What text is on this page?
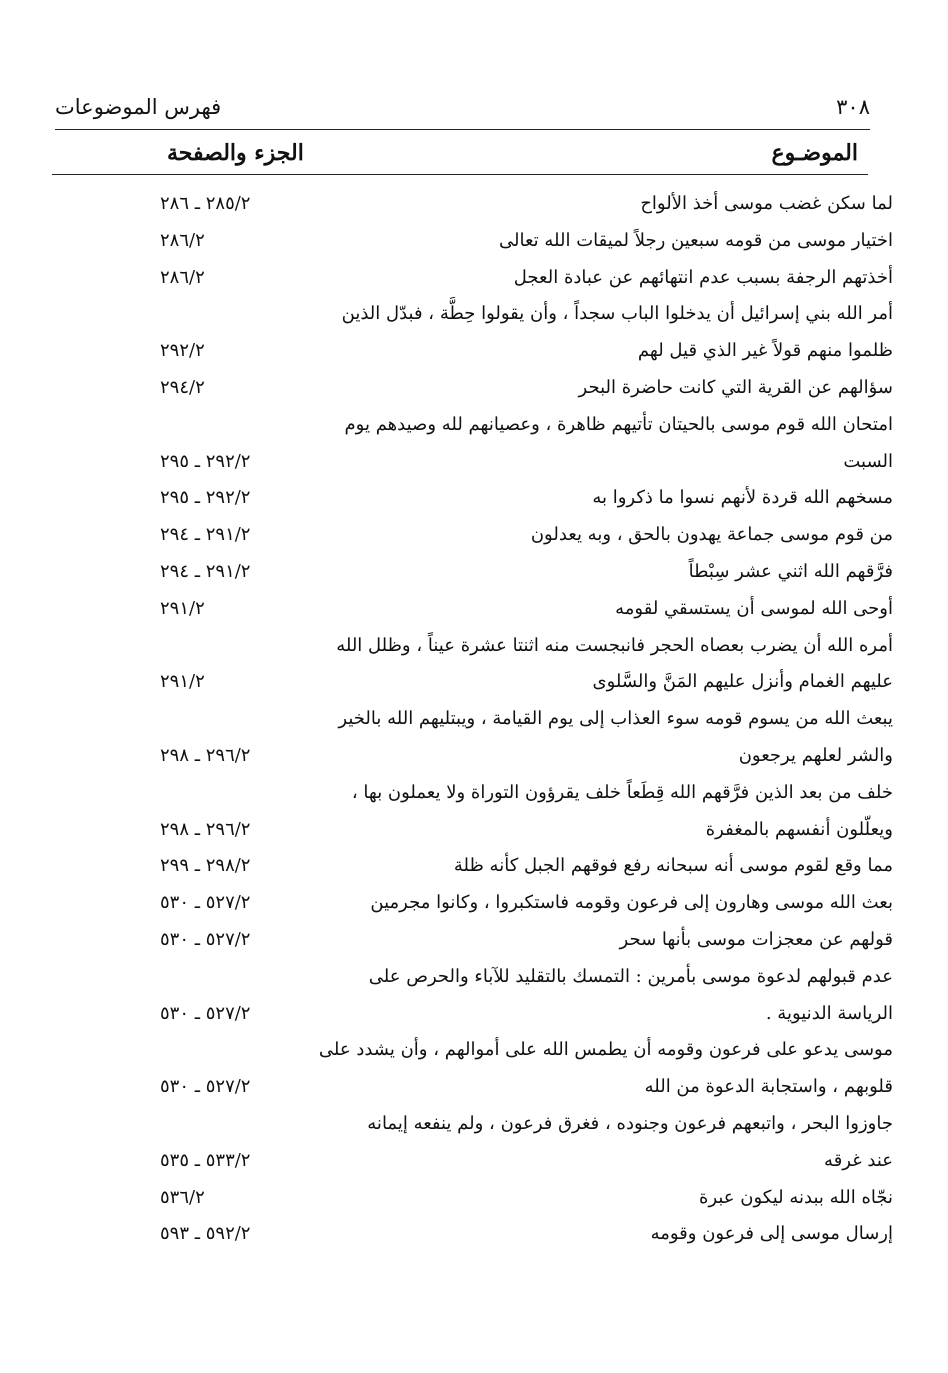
٣٠٨
فهرس الموضوعات
الموضـوع
الجزء والصفحة
لما سكن غضب موسى أخذ الألواح
٢٨٥/٢ ـ ٢٨٦
اختيار موسى من قومه سبعين رجلاً لميقات الله تعالى
٢٨٦/٢
أخذتهم الرجفة بسبب عدم انتهائهم عن عبادة العجل
٢٨٦/٢
أمر الله بني إسرائيل أن يدخلوا الباب سجداً ، وأن يقولوا حِطَّة ، فبدّل الذين
ظلموا منهم قولاً غير الذي قيل لهم
٢٩٢/٢
سؤالهم عن القرية التي كانت حاضرة البحر
٢٩٤/٢
امتحان الله قوم موسى بالحيتان تأتيهم ظاهرة ، وعصيانهم لله وصيدهم يوم
السبت
٢٩٢/٢ ـ ٢٩٥
مسخهم الله قردة لأنهم نسوا ما ذكروا به
٢٩٢/٢ ـ ٢٩٥
من قوم موسى جماعة يهدون بالحق ، وبه يعدلون
٢٩١/٢ ـ ٢٩٤
فرَّقهم الله اثني عشر سِبْطاً
٢٩١/٢ ـ ٢٩٤
أوحى الله لموسى أن يستسقي لقومه
٢٩١/٢
أمره الله أن يضرب بعصاه الحجر فانبجست منه اثنتا عشرة عيناً ، وظلل الله
عليهم الغمام وأنزل عليهم المَنَّ والسَّلوى
٢٩١/٢
يبعث الله من يسوم قومه سوء العذاب إلى يوم القيامة ، ويبتليهم الله بالخير
والشر لعلهم يرجعون
٢٩٦/٢ ـ ٢٩٨
خلف من بعد الذين فرَّقهم الله قِطَعاً خلف يقرؤون التوراة ولا يعملون بها ،
ويعلّلون أنفسهم بالمغفرة
٢٩٦/٢ ـ ٢٩٨
مما وقع لقوم موسى أنه سبحانه رفع فوقهم الجبل كأنه ظلة
٢٩٨/٢ ـ ٢٩٩
بعث الله موسى وهارون إلى فرعون وقومه فاستكبروا ، وكانوا مجرمين
٥٢٧/٢ ـ ٥٣٠
قولهم عن معجزات موسى بأنها سحر
٥٢٧/٢ ـ ٥٣٠
عدم قبولهم لدعوة موسى بأمرين : التمسك بالتقليد للآباء والحرص على
الرياسة الدنيوية .
٥٢٧/٢ ـ ٥٣٠
موسى يدعو على فرعون وقومه أن يطمس الله على أموالهم ، وأن يشدد على
قلوبهم ، واستجابة الدعوة من الله
٥٢٧/٢ ـ ٥٣٠
جاوزوا البحر ، واتبعهم فرعون وجنوده ، فغرق فرعون ، ولم ينفعه إيمانه
عند غرقه
٥٣٣/٢ ـ ٥٣٥
نجّاه الله ببدنه ليكون عبرة
٥٣٦/٢
إرسال موسى إلى فرعون وقومه
٥٩٢/٢ ـ ٥٩٣
